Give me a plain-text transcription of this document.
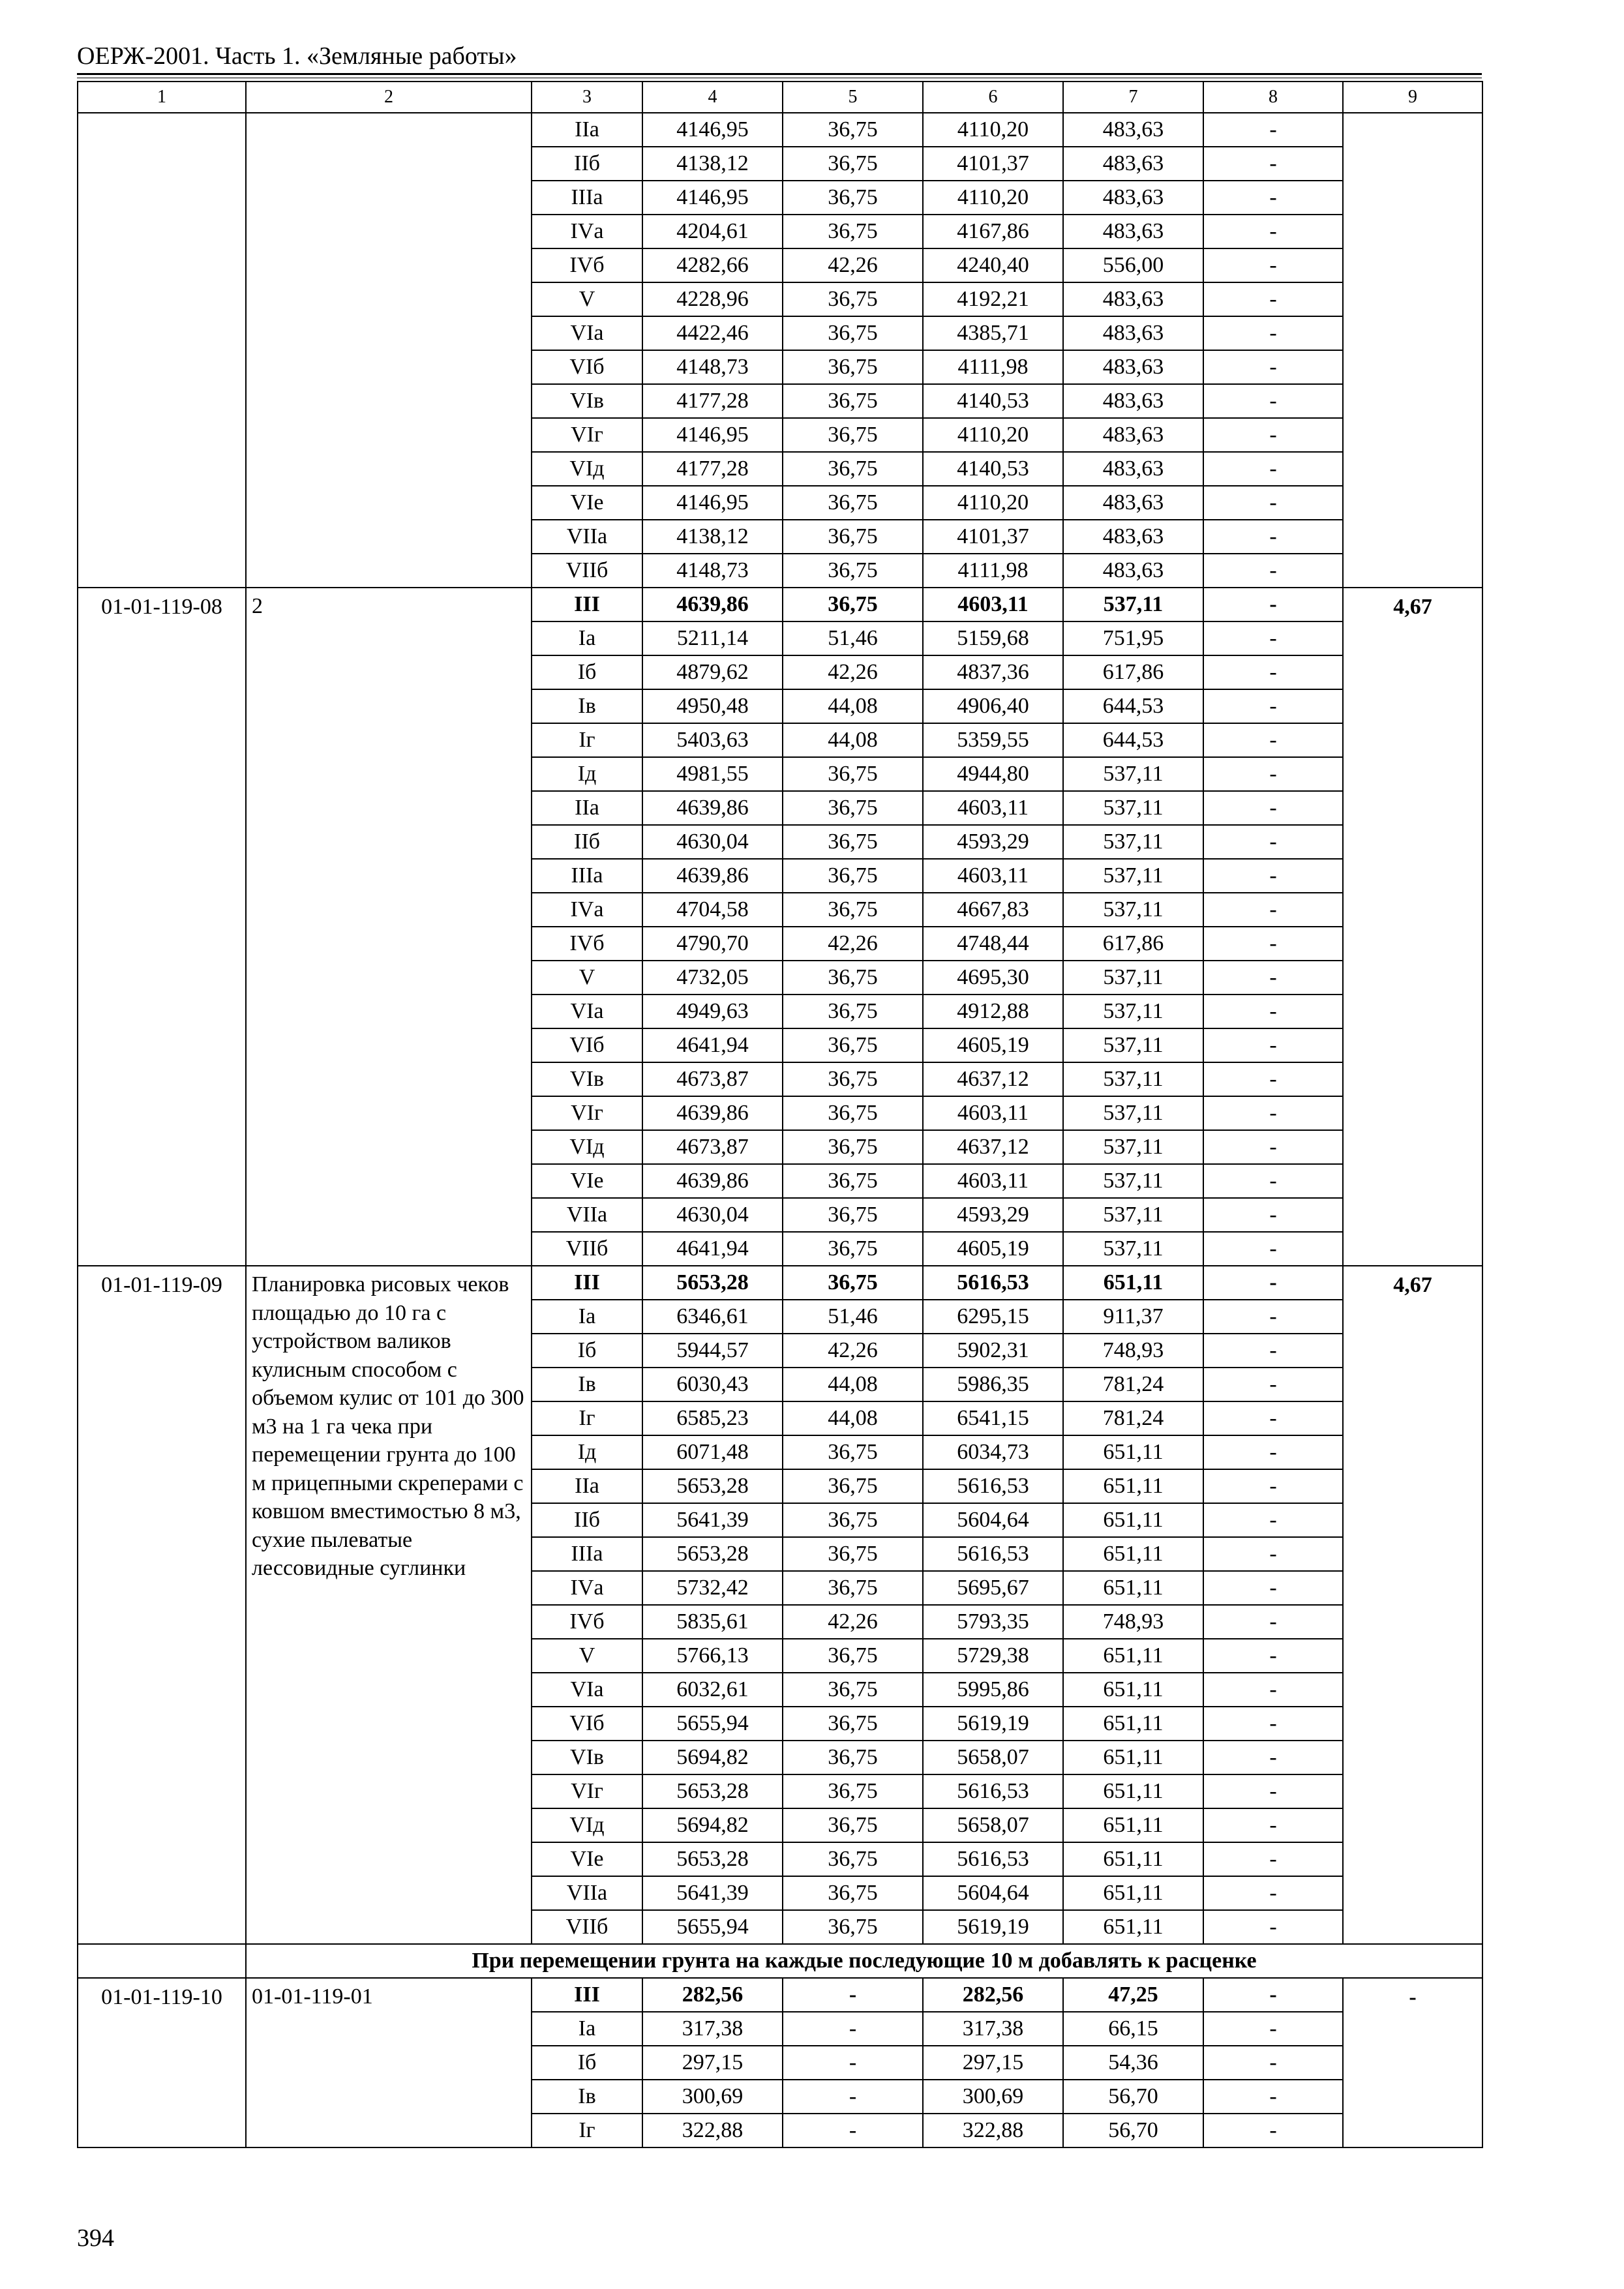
ОЕРЖ-2001. Часть 1. «Земляные работы»
1	2	3	4	5	6	7	8	9
		IIа	4146,95	36,75	4110,20	483,63	-	
		IIб	4138,12	36,75	4101,37	483,63	-	
		IIIа	4146,95	36,75	4110,20	483,63	-	
		IVа	4204,61	36,75	4167,86	483,63	-	
		IVб	4282,66	42,26	4240,40	556,00	-	
		V	4228,96	36,75	4192,21	483,63	-	
		VIа	4422,46	36,75	4385,71	483,63	-	
		VIб	4148,73	36,75	4111,98	483,63	-	
		VIв	4177,28	36,75	4140,53	483,63	-	
		VIг	4146,95	36,75	4110,20	483,63	-	
		VIд	4177,28	36,75	4140,53	483,63	-	
		VIе	4146,95	36,75	4110,20	483,63	-	
		VIIа	4138,12	36,75	4101,37	483,63	-	
		VIIб	4148,73	36,75	4111,98	483,63	-	
01-01-119-08	2	III	4639,86	36,75	4603,11	537,11	-	4,67
		Iа	5211,14	51,46	5159,68	751,95	-	
		Iб	4879,62	42,26	4837,36	617,86	-	
		Iв	4950,48	44,08	4906,40	644,53	-	
		Iг	5403,63	44,08	5359,55	644,53	-	
		Iд	4981,55	36,75	4944,80	537,11	-	
		IIа	4639,86	36,75	4603,11	537,11	-	
		IIб	4630,04	36,75	4593,29	537,11	-	
		IIIа	4639,86	36,75	4603,11	537,11	-	
		IVа	4704,58	36,75	4667,83	537,11	-	
		IVб	4790,70	42,26	4748,44	617,86	-	
		V	4732,05	36,75	4695,30	537,11	-	
		VIа	4949,63	36,75	4912,88	537,11	-	
		VIб	4641,94	36,75	4605,19	537,11	-	
		VIв	4673,87	36,75	4637,12	537,11	-	
		VIг	4639,86	36,75	4603,11	537,11	-	
		VIд	4673,87	36,75	4637,12	537,11	-	
		VIе	4639,86	36,75	4603,11	537,11	-	
		VIIа	4630,04	36,75	4593,29	537,11	-	
		VIIб	4641,94	36,75	4605,19	537,11	-	
01-01-119-09	Планировка рисовых чеков площадью до 10 га с устройством валиков кулисным способом с объемом кулис от 101 до 300 м3 на 1 га чека при перемещении грунта до 100 м прицепными скреперами с ковшом вместимостью 8 м3, сухие пылеватые лессовидные суглинки	III	5653,28	36,75	5616,53	651,11	-	4,67
		Iа	6346,61	51,46	6295,15	911,37	-	
		Iб	5944,57	42,26	5902,31	748,93	-	
		Iв	6030,43	44,08	5986,35	781,24	-	
		Iг	6585,23	44,08	6541,15	781,24	-	
		Iд	6071,48	36,75	6034,73	651,11	-	
		IIа	5653,28	36,75	5616,53	651,11	-	
		IIб	5641,39	36,75	5604,64	651,11	-	
		IIIа	5653,28	36,75	5616,53	651,11	-	
		IVа	5732,42	36,75	5695,67	651,11	-	
		IVб	5835,61	42,26	5793,35	748,93	-	
		V	5766,13	36,75	5729,38	651,11	-	
		VIа	6032,61	36,75	5995,86	651,11	-	
		VIб	5655,94	36,75	5619,19	651,11	-	
		VIв	5694,82	36,75	5658,07	651,11	-	
		VIг	5653,28	36,75	5616,53	651,11	-	
		VIд	5694,82	36,75	5658,07	651,11	-	
		VIе	5653,28	36,75	5616,53	651,11	-	
		VIIа	5641,39	36,75	5604,64	651,11	-	
		VIIб	5655,94	36,75	5619,19	651,11	-	
	При перемещении грунта на каждые последующие 10 м добавлять к расценке							
01-01-119-10	01-01-119-01	III	282,56	-	282,56	47,25	-	-
		Iа	317,38	-	317,38	66,15	-	
		Iб	297,15	-	297,15	54,36	-	
		Iв	300,69	-	300,69	56,70	-	
		Iг	322,88	-	322,88	56,70	-	
394
